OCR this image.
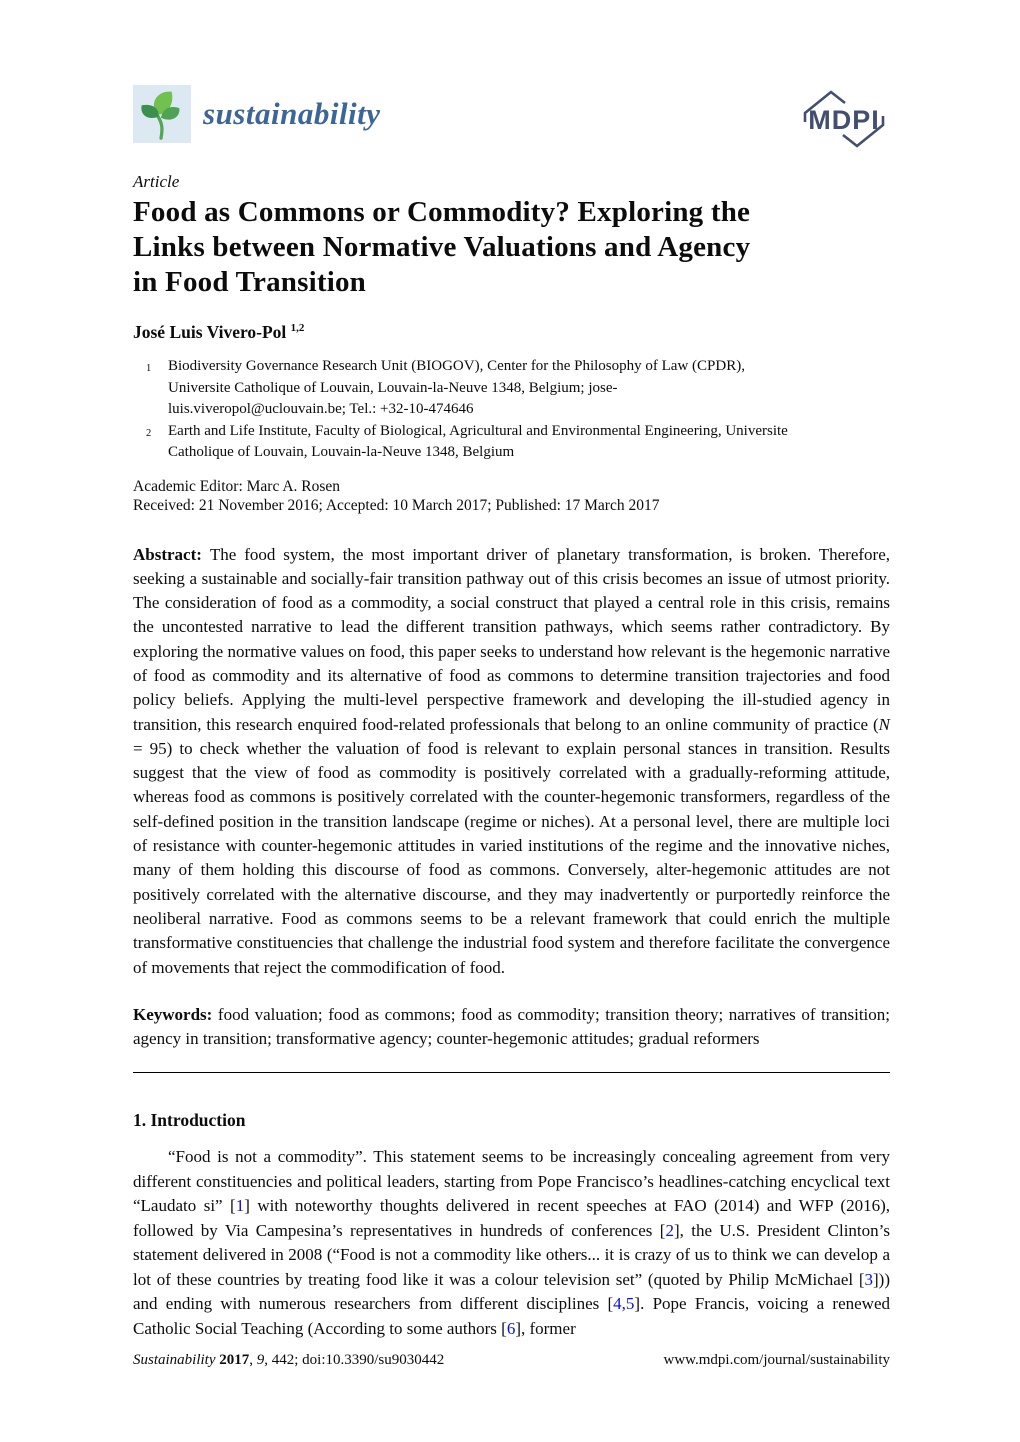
sustainability	MDPI
Article
Food as Commons or Commodity? Exploring the
Links between Normative Valuations and Agency
in Food Transition
José Luis Vivero-Pol $^{1,2}$
1 Biodiversity Governance Research Unit (BIOGOV), Center for the Philosophy of Law (CPDR), Universite Catholique of Louvain, Louvain-la-Neuve 1348, Belgium; jose-luis.viveropol@uclouvain.be; Tel.: +32-10-474646
2 Earth and Life Institute, Faculty of Biological, Agricultural and Environmental Engineering, Universite Catholique of Louvain, Louvain-la-Neuve 1348, Belgium
Academic Editor: Marc A. Rosen
Received: 21 November 2016; Accepted: 10 March 2017; Published: 17 March 2017
Abstract: The food system, the most important driver of planetary transformation, is broken. Therefore, seeking a sustainable and socially-fair transition pathway out of this crisis becomes an issue of utmost priority. The consideration of food as a commodity, a social construct that played a central role in this crisis, remains the uncontested narrative to lead the different transition pathways, which seems rather contradictory. By exploring the normative values on food, this paper seeks to understand how relevant is the hegemonic narrative of food as commodity and its alternative of food as commons to determine transition trajectories and food policy beliefs. Applying the multi-level perspective framework and developing the ill-studied agency in transition, this research enquired food-related professionals that belong to an online community of practice (N = 95) to check whether the valuation of food is relevant to explain personal stances in transition. Results suggest that the view of food as commodity is positively correlated with a gradually-reforming attitude, whereas food as commons is positively correlated with the counter-hegemonic transformers, regardless of the self-defined position in the transition landscape (regime or niches). At a personal level, there are multiple loci of resistance with counter-hegemonic attitudes in varied institutions of the regime and the innovative niches, many of them holding this discourse of food as commons. Conversely, alter-hegemonic attitudes are not positively correlated with the alternative discourse, and they may inadvertently or purportedly reinforce the neoliberal narrative. Food as commons seems to be a relevant framework that could enrich the multiple transformative constituencies that challenge the industrial food system and therefore facilitate the convergence of movements that reject the commodification of food.
Keywords: food valuation; food as commons; food as commodity; transition theory; narratives of transition; agency in transition; transformative agency; counter-hegemonic attitudes; gradual reformers
1. Introduction
“Food is not a commodity”. This statement seems to be increasingly concealing agreement from very different constituencies and political leaders, starting from Pope Francisco’s headlines-catching encyclical text “Laudato si” [1] with noteworthy thoughts delivered in recent speeches at FAO (2014) and WFP (2016), followed by Via Campesina’s representatives in hundreds of conferences [2], the U.S. President Clinton’s statement delivered in 2008 (“Food is not a commodity like others... it is crazy of us to think we can develop a lot of these countries by treating food like it was a colour television set” (quoted by Philip McMichael [3])) and ending with numerous researchers from different disciplines [4,5]. Pope Francis, voicing a renewed Catholic Social Teaching (According to some authors [6], former
Sustainability 2017, 9, 442; doi:10.3390/su9030442	www.mdpi.com/journal/sustainability
